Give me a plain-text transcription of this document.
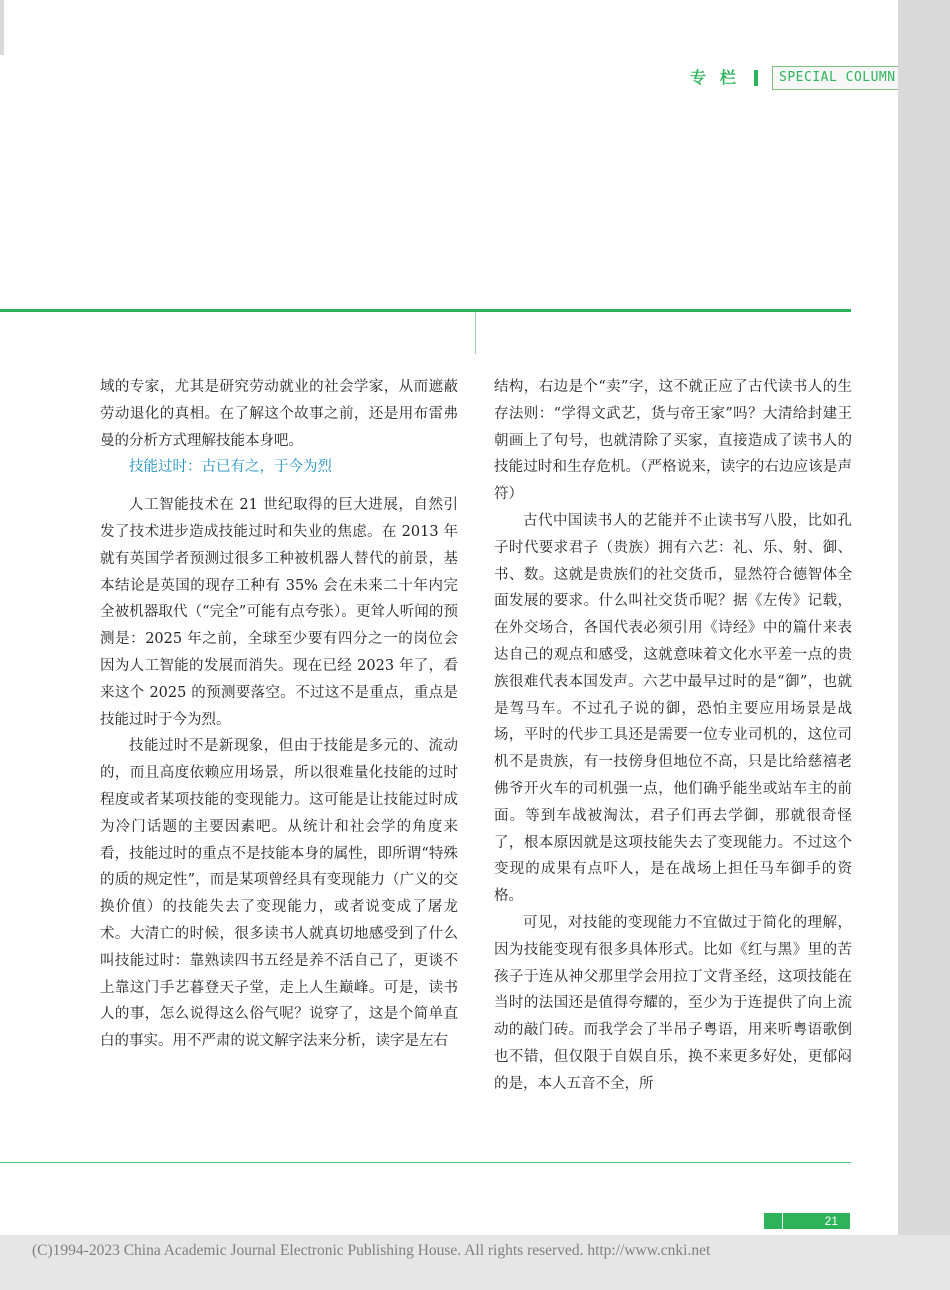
专栏	SPECIAL COLUMN

域的专家，尤其是研究劳动就业的社会学家，从而遮蔽劳动退化的真相。在了解这个故事之前，还是用布雷弗曼的分析方式理解技能本身吧。

技能过时：古已有之，于今为烈

人工智能技术在 21 世纪取得的巨大进展，自然引发了技术进步造成技能过时和失业的焦虑。在 2013 年就有英国学者预测过很多工种被机器人替代的前景，基本结论是英国的现存工种有 35% 会在未来二十年内完全被机器取代（“完全”可能有点夸张）。更耸人听闻的预测是：2025 年之前，全球至少要有四分之一的岗位会因为人工智能的发展而消失。现在已经 2023 年了，看来这个 2025 的预测要落空。不过这不是重点，重点是技能过时于今为烈。

技能过时不是新现象，但由于技能是多元的、流动的，而且高度依赖应用场景，所以很难量化技能的过时程度或者某项技能的变现能力。这可能是让技能过时成为冷门话题的主要因素吧。从统计和社会学的角度来看，技能过时的重点不是技能本身的属性，即所谓“特殊的质的规定性”，而是某项曾经具有变现能力（广义的交换价值）的技能失去了变现能力，或者说变成了屠龙术。大清亡的时候，很多读书人就真切地感受到了什么叫技能过时：靠熟读四书五经是养不活自己了，更谈不上靠这门手艺暮登天子堂，走上人生巅峰。可是，读书人的事，怎么说得这么俗气呢？说穿了，这是个简单直白的事实。用不严肃的说文解字法来分析，读字是左右

结构，右边是个“卖”字，这不就正应了古代读书人的生存法则：“学得文武艺，货与帝王家”吗？大清给封建王朝画上了句号，也就清除了买家，直接造成了读书人的技能过时和生存危机。（严格说来，读字的右边应该是声符）

古代中国读书人的艺能并不止读书写八股，比如孔子时代要求君子（贵族）拥有六艺：礼、乐、射、御、书、数。这就是贵族们的社交货币，显然符合德智体全面发展的要求。什么叫社交货币呢？据《左传》记载，在外交场合，各国代表必须引用《诗经》中的篇什来表达自己的观点和感受，这就意味着文化水平差一点的贵族很难代表本国发声。六艺中最早过时的是“御”，也就是驾马车。不过孔子说的御，恐怕主要应用场景是战场，平时的代步工具还是需要一位专业司机的，这位司机不是贵族，有一技傍身但地位不高，只是比给慈禧老佛爷开火车的司机强一点，他们确乎能坐或站车主的前面。等到车战被淘汰，君子们再去学御，那就很奇怪了，根本原因就是这项技能失去了变现能力。不过这个变现的成果有点吓人，是在战场上担任马车御手的资格。

可见，对技能的变现能力不宜做过于简化的理解，因为技能变现有很多具体形式。比如《红与黑》里的苦孩子于连从神父那里学会用拉丁文背圣经，这项技能在当时的法国还是值得夸耀的，至少为于连提供了向上流动的敲门砖。而我学会了半吊子粤语，用来听粤语歌倒也不错，但仅限于自娱自乐，换不来更多好处，更郁闷的是，本人五音不全，所

21
(C)1994-2023 China Academic Journal Electronic Publishing House. All rights reserved. http://www.cnki.net
